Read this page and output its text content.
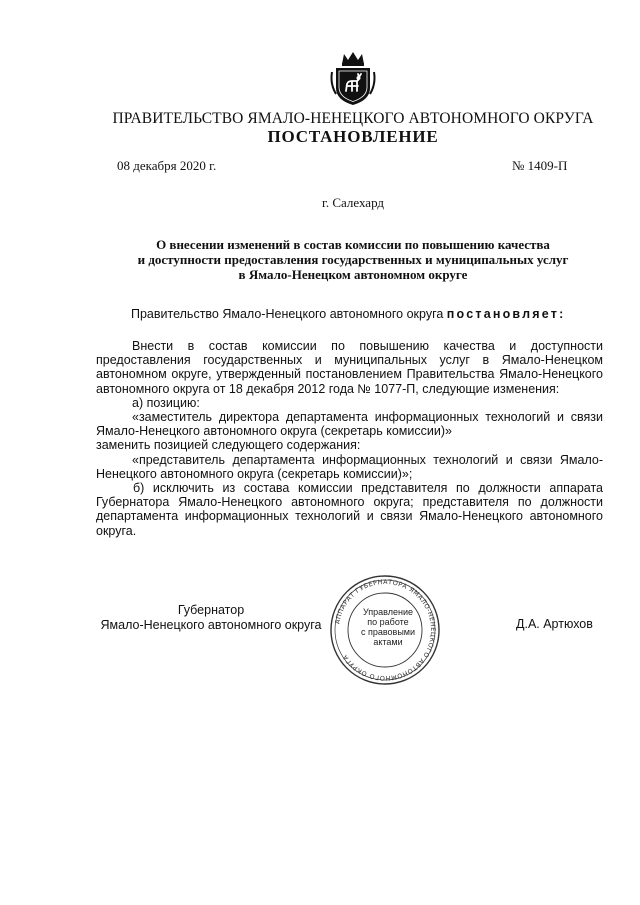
ПРАВИТЕЛЬСТВО ЯМАЛО-НЕНЕЦКОГО АВТОНОМНОГО ОКРУГА
ПОСТАНОВЛЕНИЕ
08 декабря 2020 г.	№ 1409-П
г. Салехард
О внесении изменений в состав комиссии по повышению качества
и доступности предоставления государственных и муниципальных услуг
в Ямало-Ненецком автономном округе
Правительство Ямало-Ненецкого автономного округа постановляет:

Внести в состав комиссии по повышению качества и доступности предоставления государственных и муниципальных услуг в Ямало-Ненецком автономном округе, утвержденный постановлением Правительства Ямало-Ненецкого автономного округа от 18 декабря 2012 года № 1077-П, следующие изменения:

а) позицию:

«заместитель директора департамента информационных технологий и связи Ямало-Ненецкого автономного округа (секретарь комиссии)»

заменить позицией следующего содержания:

«представитель департамента информационных технологий и связи Ямало-Ненецкого автономного округа (секретарь комиссии)»;

б) исключить из состава комиссии представителя по должности аппарата Губернатора Ямало-Ненецкого автономного округа; представителя по должности департамента информационных технологий и связи Ямало-Ненецкого автономного округа.

Губернатор
Ямало-Ненецкого автономного округа	Д.А. Артюхов
АППАРАТ ГУБЕРНАТОРА ЯМАЛО-НЕНЕЦКОГО АВТОНОМНОГО ОКРУГА
Управление
по работе
с правовыми
актами
